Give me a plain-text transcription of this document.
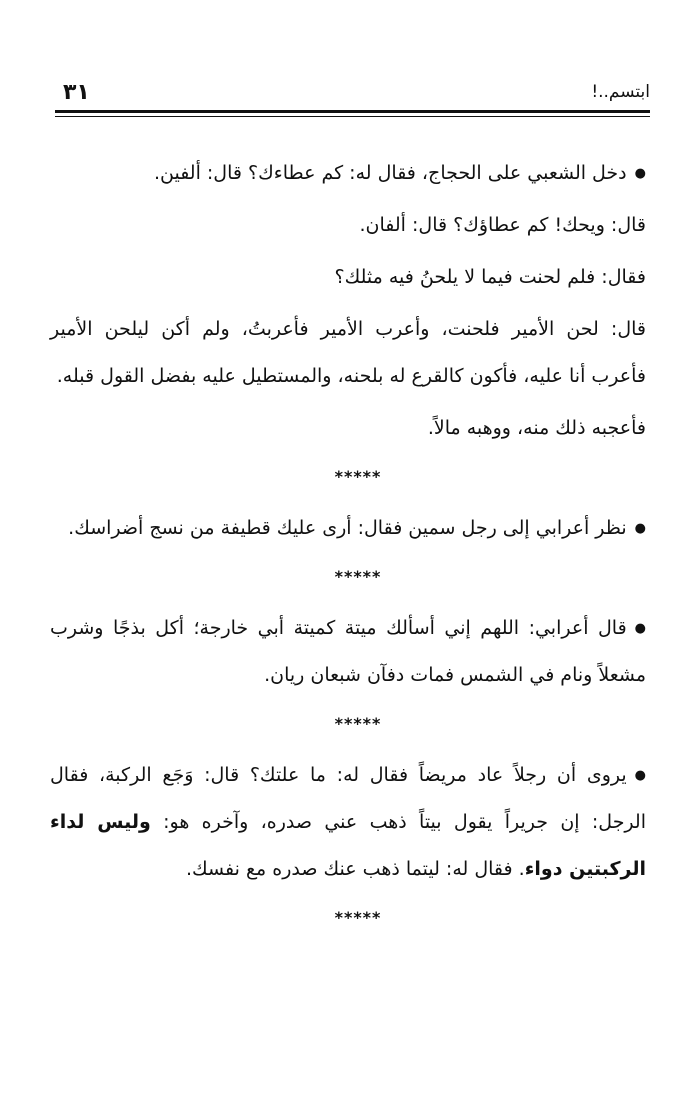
٣١	ابتسم..!

● دخل الشعبي على الحجاج، فقال له: كم عطاءك؟ قال: ألفين.

قال: ويحك! كم عطاؤك؟ قال: ألفان.

فقال: فلم لحنت فيما لا يلحنُ فيه مثلك؟

قال: لحن الأمير فلحنت، وأعرب الأمير فأعربتُ، ولم أكن ليلحن الأمير فأعرب أنا عليه، فأكون كالقرع له بلحنه، والمستطيل عليه بفضل القول قبله.

فأعجبه ذلك منه، ووهبه مالاً.

*****

● نظر أعرابي إلى رجل سمين فقال: أرى عليك قطيفة من نسج أضراسك.

*****

● قال أعرابي: اللهم إني أسألك ميتة كميتة أبي خارجة؛ أكل بذجًا وشرب مشعلاً ونام في الشمس فمات دفآن شبعان ريان.

*****

● يروى أن رجلاً عاد مريضاً فقال له: ما علتك؟ قال: وَجَع الركبة، فقال الرجل: إن جريراً يقول بيتاً ذهب عني صدره، وآخره هو: وليس لداء الركبتين دواء. فقال له: ليتما ذهب عنك صدره مع نفسك.

*****
